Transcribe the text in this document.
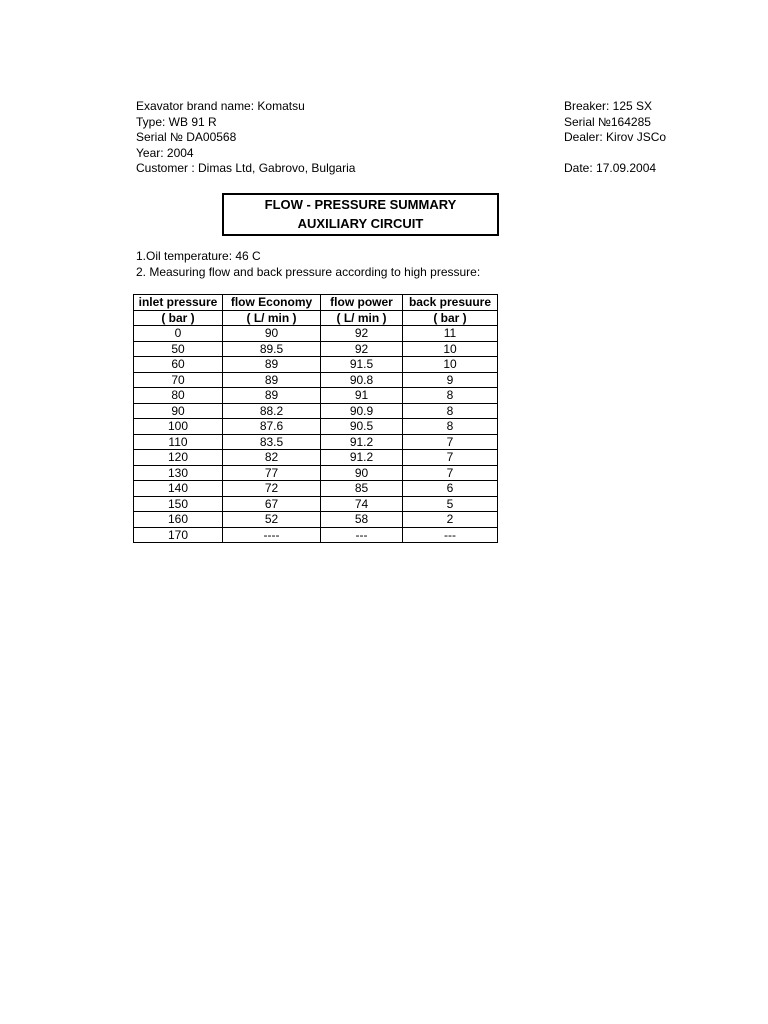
Exavator brand name: Komatsu
Type: WB 91 R
Serial № DA00568
Year: 2004
Customer : Dimas Ltd, Gabrovo, Bulgaria
Breaker: 125 SX
Serial №164285
Dealer: Kirov JSCo
Date: 17.09.2004
FLOW - PRESSURE SUMMARY
AUXILIARY CIRCUIT
1.Oil temperature: 46 C
2. Measuring flow and back pressure according to high pressure:
inlet pressure	flow Economy	flow power	back presuure
( bar )	( L/ min )	( L/ min )	( bar )
0	90	92	11
50	89.5	92	10
60	89	91.5	10
70	89	90.8	9
80	89	91	8
90	88.2	90.9	8
100	87.6	90.5	8
110	83.5	91.2	7
120	82	91.2	7
130	77	90	7
140	72	85	6
150	67	74	5
160	52	58	2
170	----	---	---
